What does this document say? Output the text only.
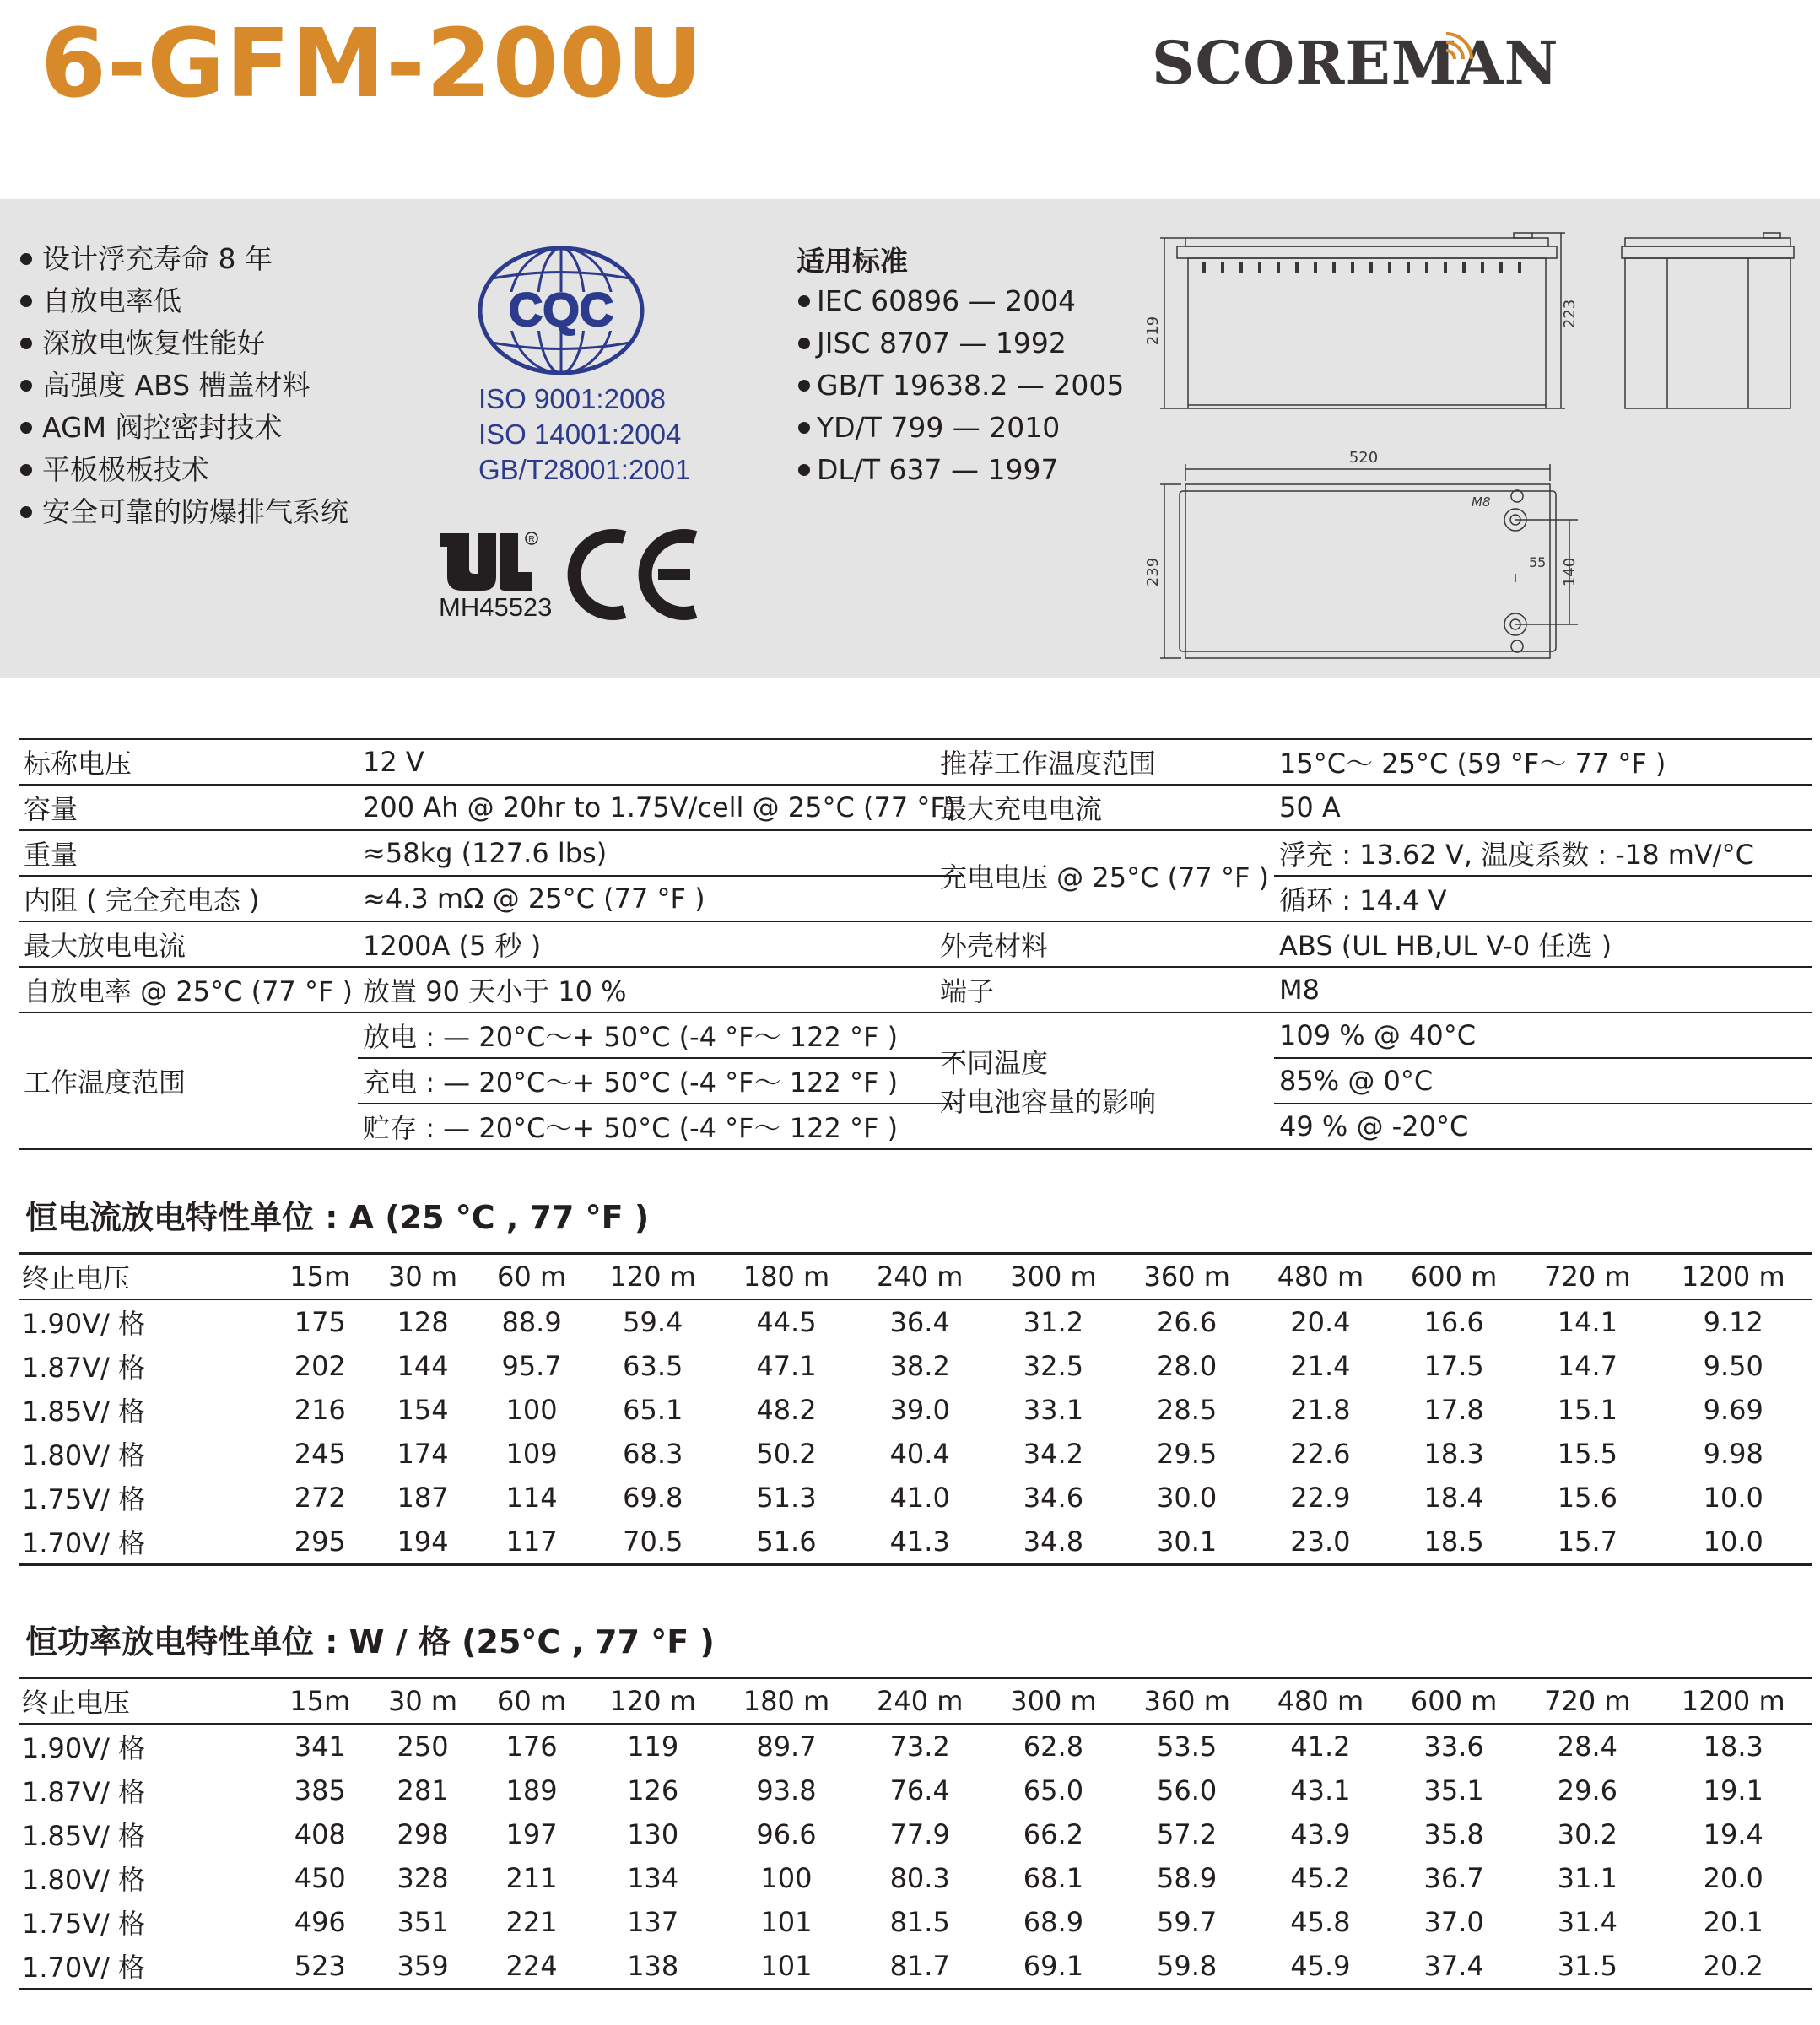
6-GFM-200U	SCOREMAN
设计浮充寿命 8 年
自放电率低
深放电恢复性能好
高强度 ABS 槽盖材料
AGM 阀控密封技术
平板极板技术
安全可靠的防爆排气系统
CQC
ISO 9001:2008
ISO 14001:2004
GB/T28001:2001
R
MH45523
适用标准
IEC 60896 — 2004
JISC 8707 — 1992
GB/T 19638.2 — 2005
YD/T 799 — 2010
DL/T 637 — 1997
219
223
520
239
M8
55 140
标称电压	12 V
容量	200 Ah @ 20hr to 1.75V/cell @ 25°C (77 °F)
重量	≈58kg (127.6 lbs)
内阻 ( 完全充电态 )	≈4.3 mΩ @ 25°C (77 °F )
最大放电电流	1200A (5 秒 )
自放电率 @ 25°C (77 °F )	放置 90 天小于 10 %
工作温度范围	放电 : — 20°C～+ 50°C (-4 °F～ 122 °F )
	充电 : — 20°C～+ 50°C (-4 °F～ 122 °F )
	贮存 : — 20°C～+ 50°C (-4 °F～ 122 °F )
推荐工作温度范围	15°C～ 25°C (59 °F～ 77 °F )
最大充电电流	50 A
充电电压 @ 25°C (77 °F )	浮充 : 13.62 V, 温度系数 : -18 mV/°C
	循环 : 14.4 V
外壳材料	ABS (UL HB,UL V-0 任选 )
端子	M8

不同温度
对电池容量的影响	109 % @ 40°C
	85% @ 0°C
	49 % @ -20°C
恒电流放电特性单位 : A (25 °C , 77 °F )
终止电压	15m	30 m	60 m	120 m	180 m	240 m	300 m	360 m	480 m	600 m	720 m	1200 m
1.90V/ 格	175	128	88.9	59.4	44.5	36.4	31.2	26.6	20.4	16.6	14.1	9.12
1.87V/ 格	202	144	95.7	63.5	47.1	38.2	32.5	28.0	21.4	17.5	14.7	9.50
1.85V/ 格	216	154	100	65.1	48.2	39.0	33.1	28.5	21.8	17.8	15.1	9.69
1.80V/ 格	245	174	109	68.3	50.2	40.4	34.2	29.5	22.6	18.3	15.5	9.98
1.75V/ 格	272	187	114	69.8	51.3	41.0	34.6	30.0	22.9	18.4	15.6	10.0
1.70V/ 格	295	194	117	70.5	51.6	41.3	34.8	30.1	23.0	18.5	15.7	10.0
恒功率放电特性单位 : W / 格 (25°C , 77 °F )
终止电压	15m	30 m	60 m	120 m	180 m	240 m	300 m	360 m	480 m	600 m	720 m	1200 m
1.90V/ 格	341	250	176	119	89.7	73.2	62.8	53.5	41.2	33.6	28.4	18.3
1.87V/ 格	385	281	189	126	93.8	76.4	65.0	56.0	43.1	35.1	29.6	19.1
1.85V/ 格	408	298	197	130	96.6	77.9	66.2	57.2	43.9	35.8	30.2	19.4
1.80V/ 格	450	328	211	134	100	80.3	68.1	58.9	45.2	36.7	31.1	20.0
1.75V/ 格	496	351	221	137	101	81.5	68.9	59.7	45.8	37.0	31.4	20.1
1.70V/ 格	523	359	224	138	101	81.7	69.1	59.8	45.9	37.4	31.5	20.2
